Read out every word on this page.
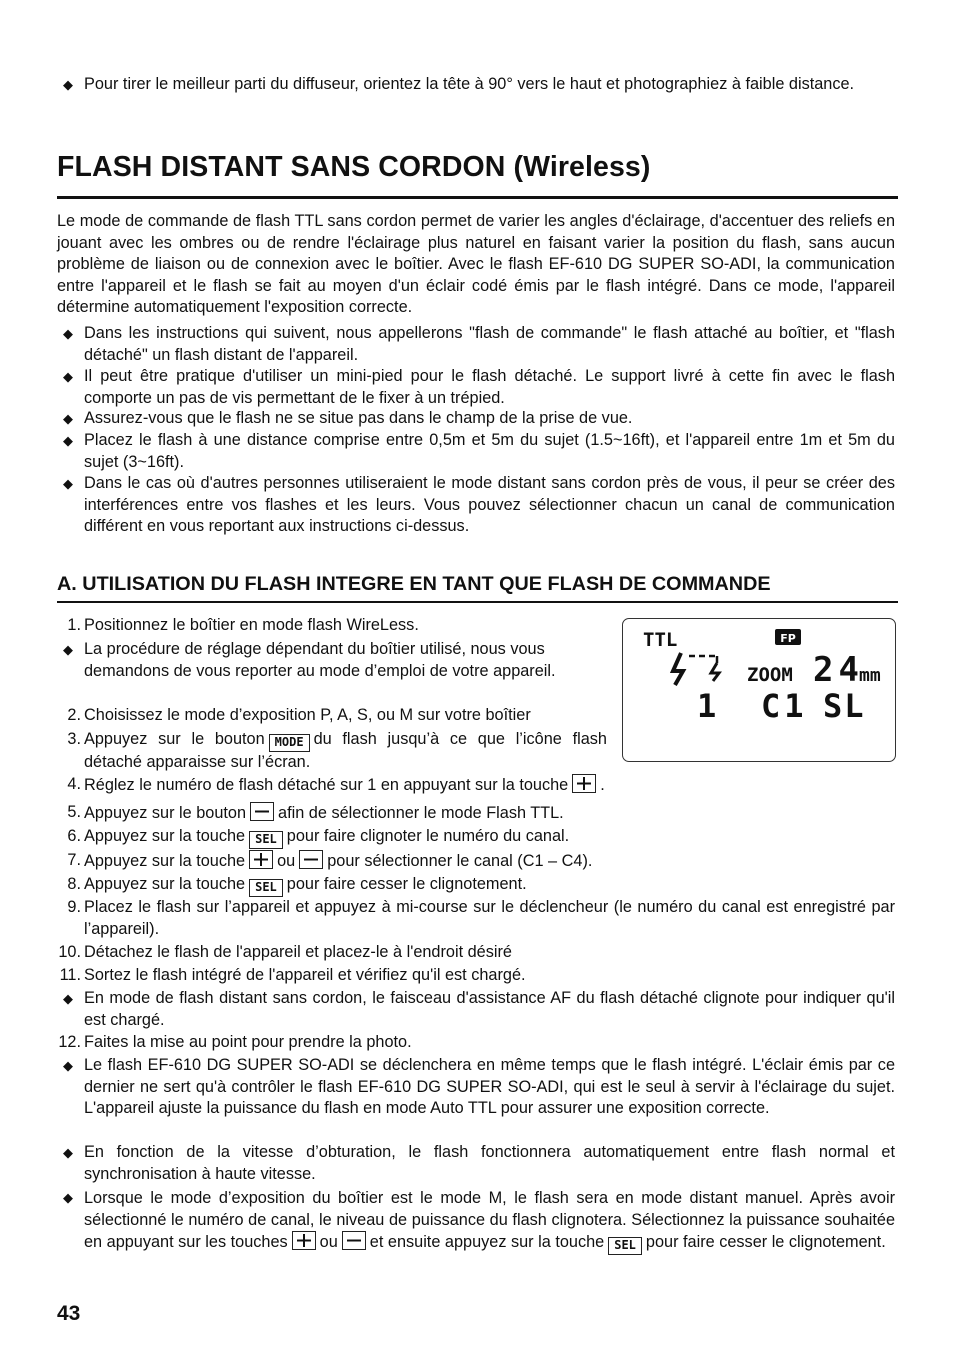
◆ Pour tirer le meilleur parti du diffuseur, orientez la tête à 90° vers le haut et photographiez à faible distance.
FLASH DISTANT SANS CORDON (Wireless)
Le mode de commande de flash TTL sans cordon permet de varier les angles d'éclairage, d'accentuer des reliefs en jouant avec les ombres ou de rendre l'éclairage plus naturel en faisant varier la position du flash, sans aucun problème de liaison ou de connexion avec le boîtier. Avec le flash EF-610 DG SUPER SO-ADI, la communication entre l'appareil et le flash se fait au moyen d'un éclair codé émis par le flash intégré. Dans ce mode, l'appareil détermine automatiquement l'exposition correcte.
◆ Dans les instructions qui suivent, nous appellerons "flash de commande" le flash attaché au boîtier, et "flash détaché" un flash distant de l'appareil.
◆ Il peut être pratique d'utiliser un mini-pied pour le flash détaché. Le support livré à cette fin avec le flash comporte un pas de vis permettant de le fixer à un trépied.
◆ Assurez-vous que le flash ne se situe pas dans le champ de la prise de vue.
◆ Placez le flash à une distance comprise entre 0,5m et 5m du sujet (1.5~16ft), et l'appareil entre 1m et 5m du sujet (3~16ft).
◆ Dans le cas où d'autres personnes utiliseraient le mode distant sans cordon près de vous, il peur se créer des interférences entre vos flashes et les leurs. Vous pouvez sélectionner chacun un canal de communication différent en vous reportant aux instructions ci-dessus.
A. UTILISATION DU FLASH INTEGRE EN TANT QUE FLASH DE COMMANDE
TTL	FP
ZOOM 24 mm
1 C1 SL
1. Positionnez le boîtier en mode flash WireLess.
◆ La procédure de réglage dépendant du boîtier utilisé, nous vous demandons de vous reporter au mode d’emploi de votre appareil.
2. Choisissez le mode d’exposition P, A, S, ou M sur votre boîtier
3. Appuyez sur le bouton MODE du flash jusqu’à ce que l’icône flash détaché apparaisse sur l’écran.
4. Réglez le numéro de flash détaché sur 1 en appuyant sur la touche .
5. Appuyez sur le bouton afin de sélectionner le mode Flash TTL.
6. Appuyez sur la touche SEL pour faire clignoter le numéro du canal.
7. Appuyez sur la touche ou pour sélectionner le canal (C1 – C4).
8. Appuyez sur la touche SEL pour faire cesser le clignotement.
9. Placez le flash sur l’appareil et appuyez à mi-course sur le déclencheur (le numéro du canal est enregistré par l’appareil).
10. Détachez le flash de l'appareil et placez-le à l'endroit désiré
11. Sortez le flash intégré de l'appareil et vérifiez qu'il est chargé.
◆ En mode de flash distant sans cordon, le faisceau d'assistance AF du flash détaché clignote pour indiquer qu'il est chargé.
12. Faites la mise au point pour prendre la photo.
◆ Le flash EF-610 DG SUPER SO-ADI se déclenchera en même temps que le flash intégré. L'éclair émis par ce dernier ne sert qu'à contrôler le flash EF-610 DG SUPER SO-ADI, qui est le seul à servir à l'éclairage du sujet. L'appareil ajuste la puissance du flash en mode Auto TTL pour assurer une exposition correcte.
◆ En fonction de la vitesse d’obturation, le flash fonctionnera automatiquement entre flash normal et synchronisation à haute vitesse.
◆ Lorsque le mode d’exposition du boîtier est le mode M, le flash sera en mode distant manuel. Après avoir sélectionné le numéro de canal, le niveau de puissance du flash clignotera. Sélectionnez la puissance souhaitée en appuyant sur les touches ou et ensuite appuyez sur la touche SEL pour faire cesser le clignotement.
43
